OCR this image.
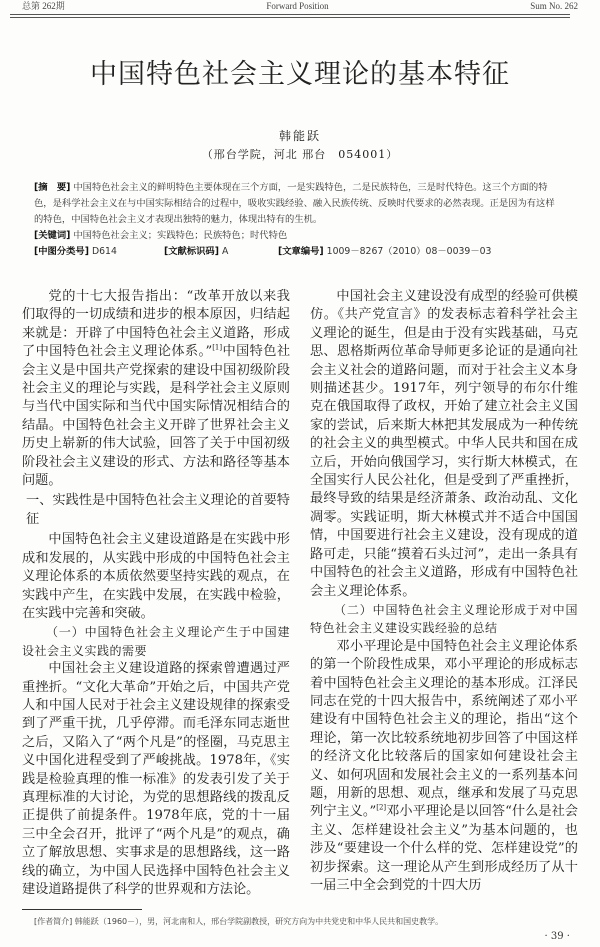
总第 262期	Forward Position	Sum No. 262
中国特色社会主义理论的基本特征
韩能跃
（邢台学院，河北 邢台　054001）
[摘　要] 中国特色社会主义的鲜明特色主要体现在三个方面，一是实践特色，二是民族特色，三是时代特色。这三个方面的特色，是科学社会主义在与中国实际相结合的过程中，吸收实践经验、融入民族传统、反映时代要求的必然表现。正是因为有这样的特色，中国特色社会主义才表现出独特的魅力，体现出特有的生机。
[关键词] 中国特色社会主义；实践特色；民族特色；时代特色
[中图分类号] D614	[文献标识码] A	[文章编号] 1009－8267（2010）08－0039－03

党的十七大报告指出：“改革开放以来我们取得的一切成绩和进步的根本原因，归结起来就是：开辟了中国特色社会主义道路，形成了中国特色社会主义理论体系。”[1]中国特色社会主义是中国共产党探索的建设中国初级阶段社会主义的理论与实践，是科学社会主义原则与当代中国实际和当代中国实际情况相结合的结晶。中国特色社会主义开辟了世界社会主义历史上崭新的伟大试验，回答了关于中国初级阶段社会主义建设的形式、方法和路径等基本问题。

一、实践性是中国特色社会主义理论的首要特征

中国特色社会主义建设道路是在实践中形成和发展的，从实践中形成的中国特色社会主义理论体系的本质依然要坚持实践的观点，在实践中产生，在实践中发展，在实践中检验，在实践中完善和突破。

（一）中国特色社会主义理论产生于中国建设社会主义实践的需要

中国社会主义建设道路的探索曾遭遇过严重挫折。“文化大革命”开始之后，中国共产党人和中国人民对于社会主义建设规律的探索受到了严重干扰，几乎停滞。而毛泽东同志逝世之后，又陷入了“两个凡是”的怪圈，马克思主义中国化进程受到了严峻挑战。1978年，《实践是检验真理的惟一标准》的发表引发了关于真理标准的大讨论，为党的思想路线的拨乱反正提供了前提条件。1978年底，党的十一届三中全会召开，批评了“两个凡是”的观点，确立了解放思想、实事求是的思想路线，这一路线的确立，为中国人民选择中国特色社会主义建设道路提供了科学的世界观和方法论。

中国社会主义建设没有成型的经验可供模仿。《共产党宣言》的发表标志着科学社会主义理论的诞生，但是由于没有实践基础，马克思、恩格斯两位革命导师更多论证的是通向社会主义社会的道路问题，而对于社会主义本身则描述甚少。1917年，列宁领导的布尔什维克在俄国取得了政权，开始了建立社会主义国家的尝试，后来斯大林把其发展成为一种传统的社会主义的典型模式。中华人民共和国在成立后，开始向俄国学习，实行斯大林模式，在全国实行人民公社化，但是受到了严重挫折，最终导致的结果是经济萧条、政治动乱、文化凋零。实践证明，斯大林模式并不适合中国国情，中国要进行社会主义建设，没有现成的道路可走，只能“摸着石头过河”，走出一条具有中国特色的社会主义道路，形成有中国特色社会主义理论体系。

（二）中国特色社会主义理论形成于对中国特色社会主义建设实践经验的总结

邓小平理论是中国特色社会主义理论体系的第一个阶段性成果，邓小平理论的形成标志着中国特色社会主义理论的基本形成。江泽民同志在党的十四大报告中，系统阐述了邓小平建设有中国特色社会主义的理论，指出“这个理论，第一次比较系统地初步回答了中国这样的经济文化比较落后的国家如何建设社会主义、如何巩固和发展社会主义的一系列基本问题，用新的思想、观点，继承和发展了马克思列宁主义。”[2]邓小平理论是以回答“什么是社会主义、怎样建设社会主义”为基本问题的，也涉及“要建设一个什么样的党、怎样建设党”的初步探索。这一理论从产生到形成经历了从十一届三中全会到党的十四大历

[作者简介] 韩能跃（1960－），男，河北南和人，邢台学院副教授，研究方向为中共党史和中华人民共和国史教学。
· 39 ·
